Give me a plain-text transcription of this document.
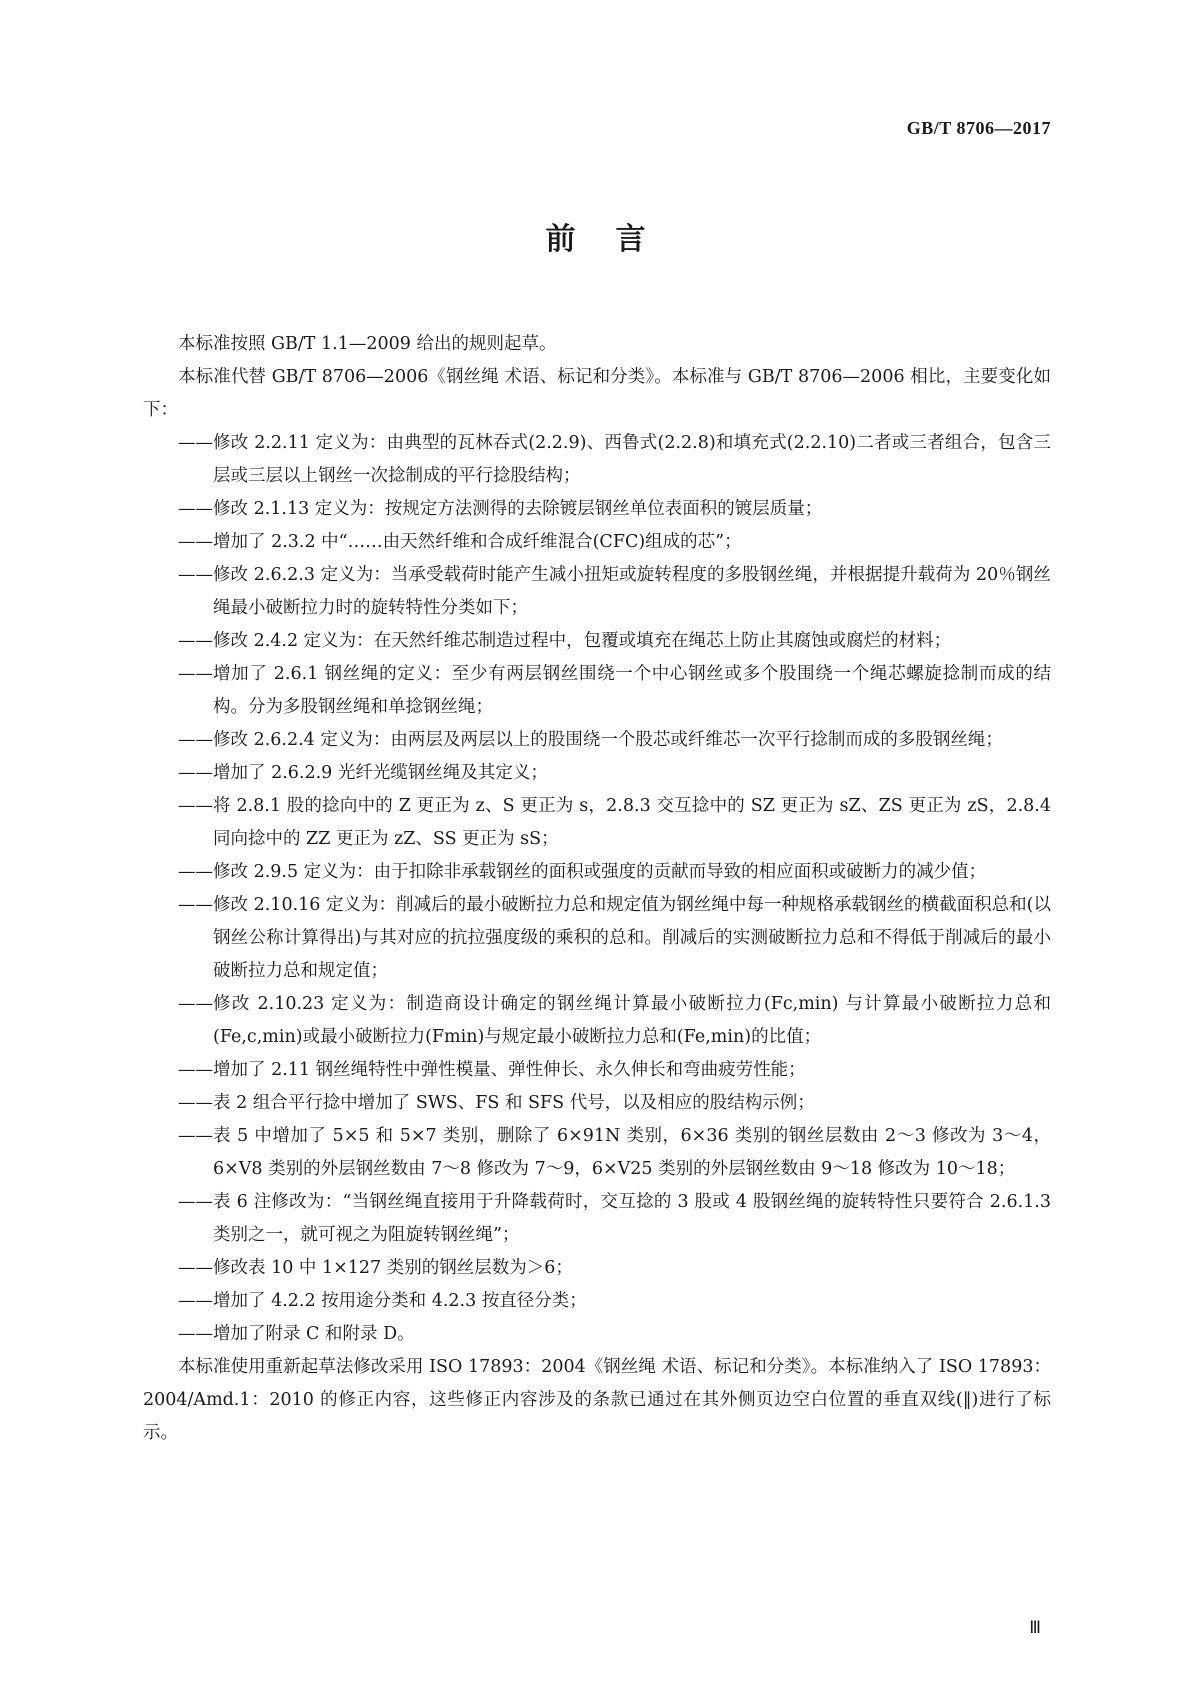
GB/T 8706—2017
前言

本标准按照 GB/T 1.1—2009 给出的规则起草。

本标准代替 GB/T 8706—2006《钢丝绳 术语、标记和分类》。本标准与 GB/T 8706—2006 相比，主要变化如下：

—— 修改 2.2.11 定义为：由典型的瓦林吞式(2.2.9)、西鲁式(2.2.8)和填充式(2.2.10)二者或三者组合，包含三层或三层以上钢丝一次捻制成的平行捻股结构；

—— 修改 2.1.13 定义为：按规定方法测得的去除镀层钢丝单位表面积的镀层质量；

—— 增加了 2.3.2 中“……由天然纤维和合成纤维混合(CFC)组成的芯”；

—— 修改 2.6.2.3 定义为：当承受载荷时能产生减小扭矩或旋转程度的多股钢丝绳，并根据提升载荷为 20％钢丝绳最小破断拉力时的旋转特性分类如下；

—— 修改 2.4.2 定义为：在天然纤维芯制造过程中，包覆或填充在绳芯上防止其腐蚀或腐烂的材料；

—— 增加了 2.6.1 钢丝绳的定义：至少有两层钢丝围绕一个中心钢丝或多个股围绕一个绳芯螺旋捻制而成的结构。分为多股钢丝绳和单捻钢丝绳；

—— 修改 2.6.2.4 定义为：由两层及两层以上的股围绕一个股芯或纤维芯一次平行捻制而成的多股钢丝绳；

—— 增加了 2.6.2.9 光纤光缆钢丝绳及其定义；

—— 将 2.8.1 股的捻向中的 Z 更正为 z、S 更正为 s，2.8.3 交互捻中的 SZ 更正为 sZ、ZS 更正为 zS，2.8.4 同向捻中的 ZZ 更正为 zZ、SS 更正为 sS；

—— 修改 2.9.5 定义为：由于扣除非承载钢丝的面积或强度的贡献而导致的相应面积或破断力的减少值；

—— 修改 2.10.16 定义为：削减后的最小破断拉力总和规定值为钢丝绳中每一种规格承载钢丝的横截面积总和(以钢丝公称计算得出)与其对应的抗拉强度级的乘积的总和。削减后的实测破断拉力总和不得低于削减后的最小破断拉力总和规定值；

—— 修改 2.10.23 定义为：制造商设计确定的钢丝绳计算最小破断拉力(Fc,min) 与计算最小破断拉力总和(Fe,c,min)或最小破断拉力(Fmin)与规定最小破断拉力总和(Fe,min)的比值；

—— 增加了 2.11 钢丝绳特性中弹性模量、弹性伸长、永久伸长和弯曲疲劳性能；

—— 表 2 组合平行捻中增加了 SWS、FS 和 SFS 代号，以及相应的股结构示例；

—— 表 5 中增加了 5×5 和 5×7 类别，删除了 6×91N 类别，6×36 类别的钢丝层数由 2～3 修改为 3～4，6×V8 类别的外层钢丝数由 7～8 修改为 7～9，6×V25 类别的外层钢丝数由 9～18 修改为 10～18；

—— 表 6 注修改为：“当钢丝绳直接用于升降载荷时，交互捻的 3 股或 4 股钢丝绳的旋转特性只要符合 2.6.1.3 类别之一，就可视之为阻旋转钢丝绳”；

—— 修改表 10 中 1×127 类别的钢丝层数为＞6；

—— 增加了 4.2.2 按用途分类和 4.2.3 按直径分类；

—— 增加了附录 C 和附录 D。

本标准使用重新起草法修改采用 ISO 17893：2004《钢丝绳 术语、标记和分类》。本标准纳入了 ISO 17893：2004/Amd.1：2010 的修正内容，这些修正内容涉及的条款已通过在其外侧页边空白位置的垂直双线(‖)进行了标示。

Ⅲ
